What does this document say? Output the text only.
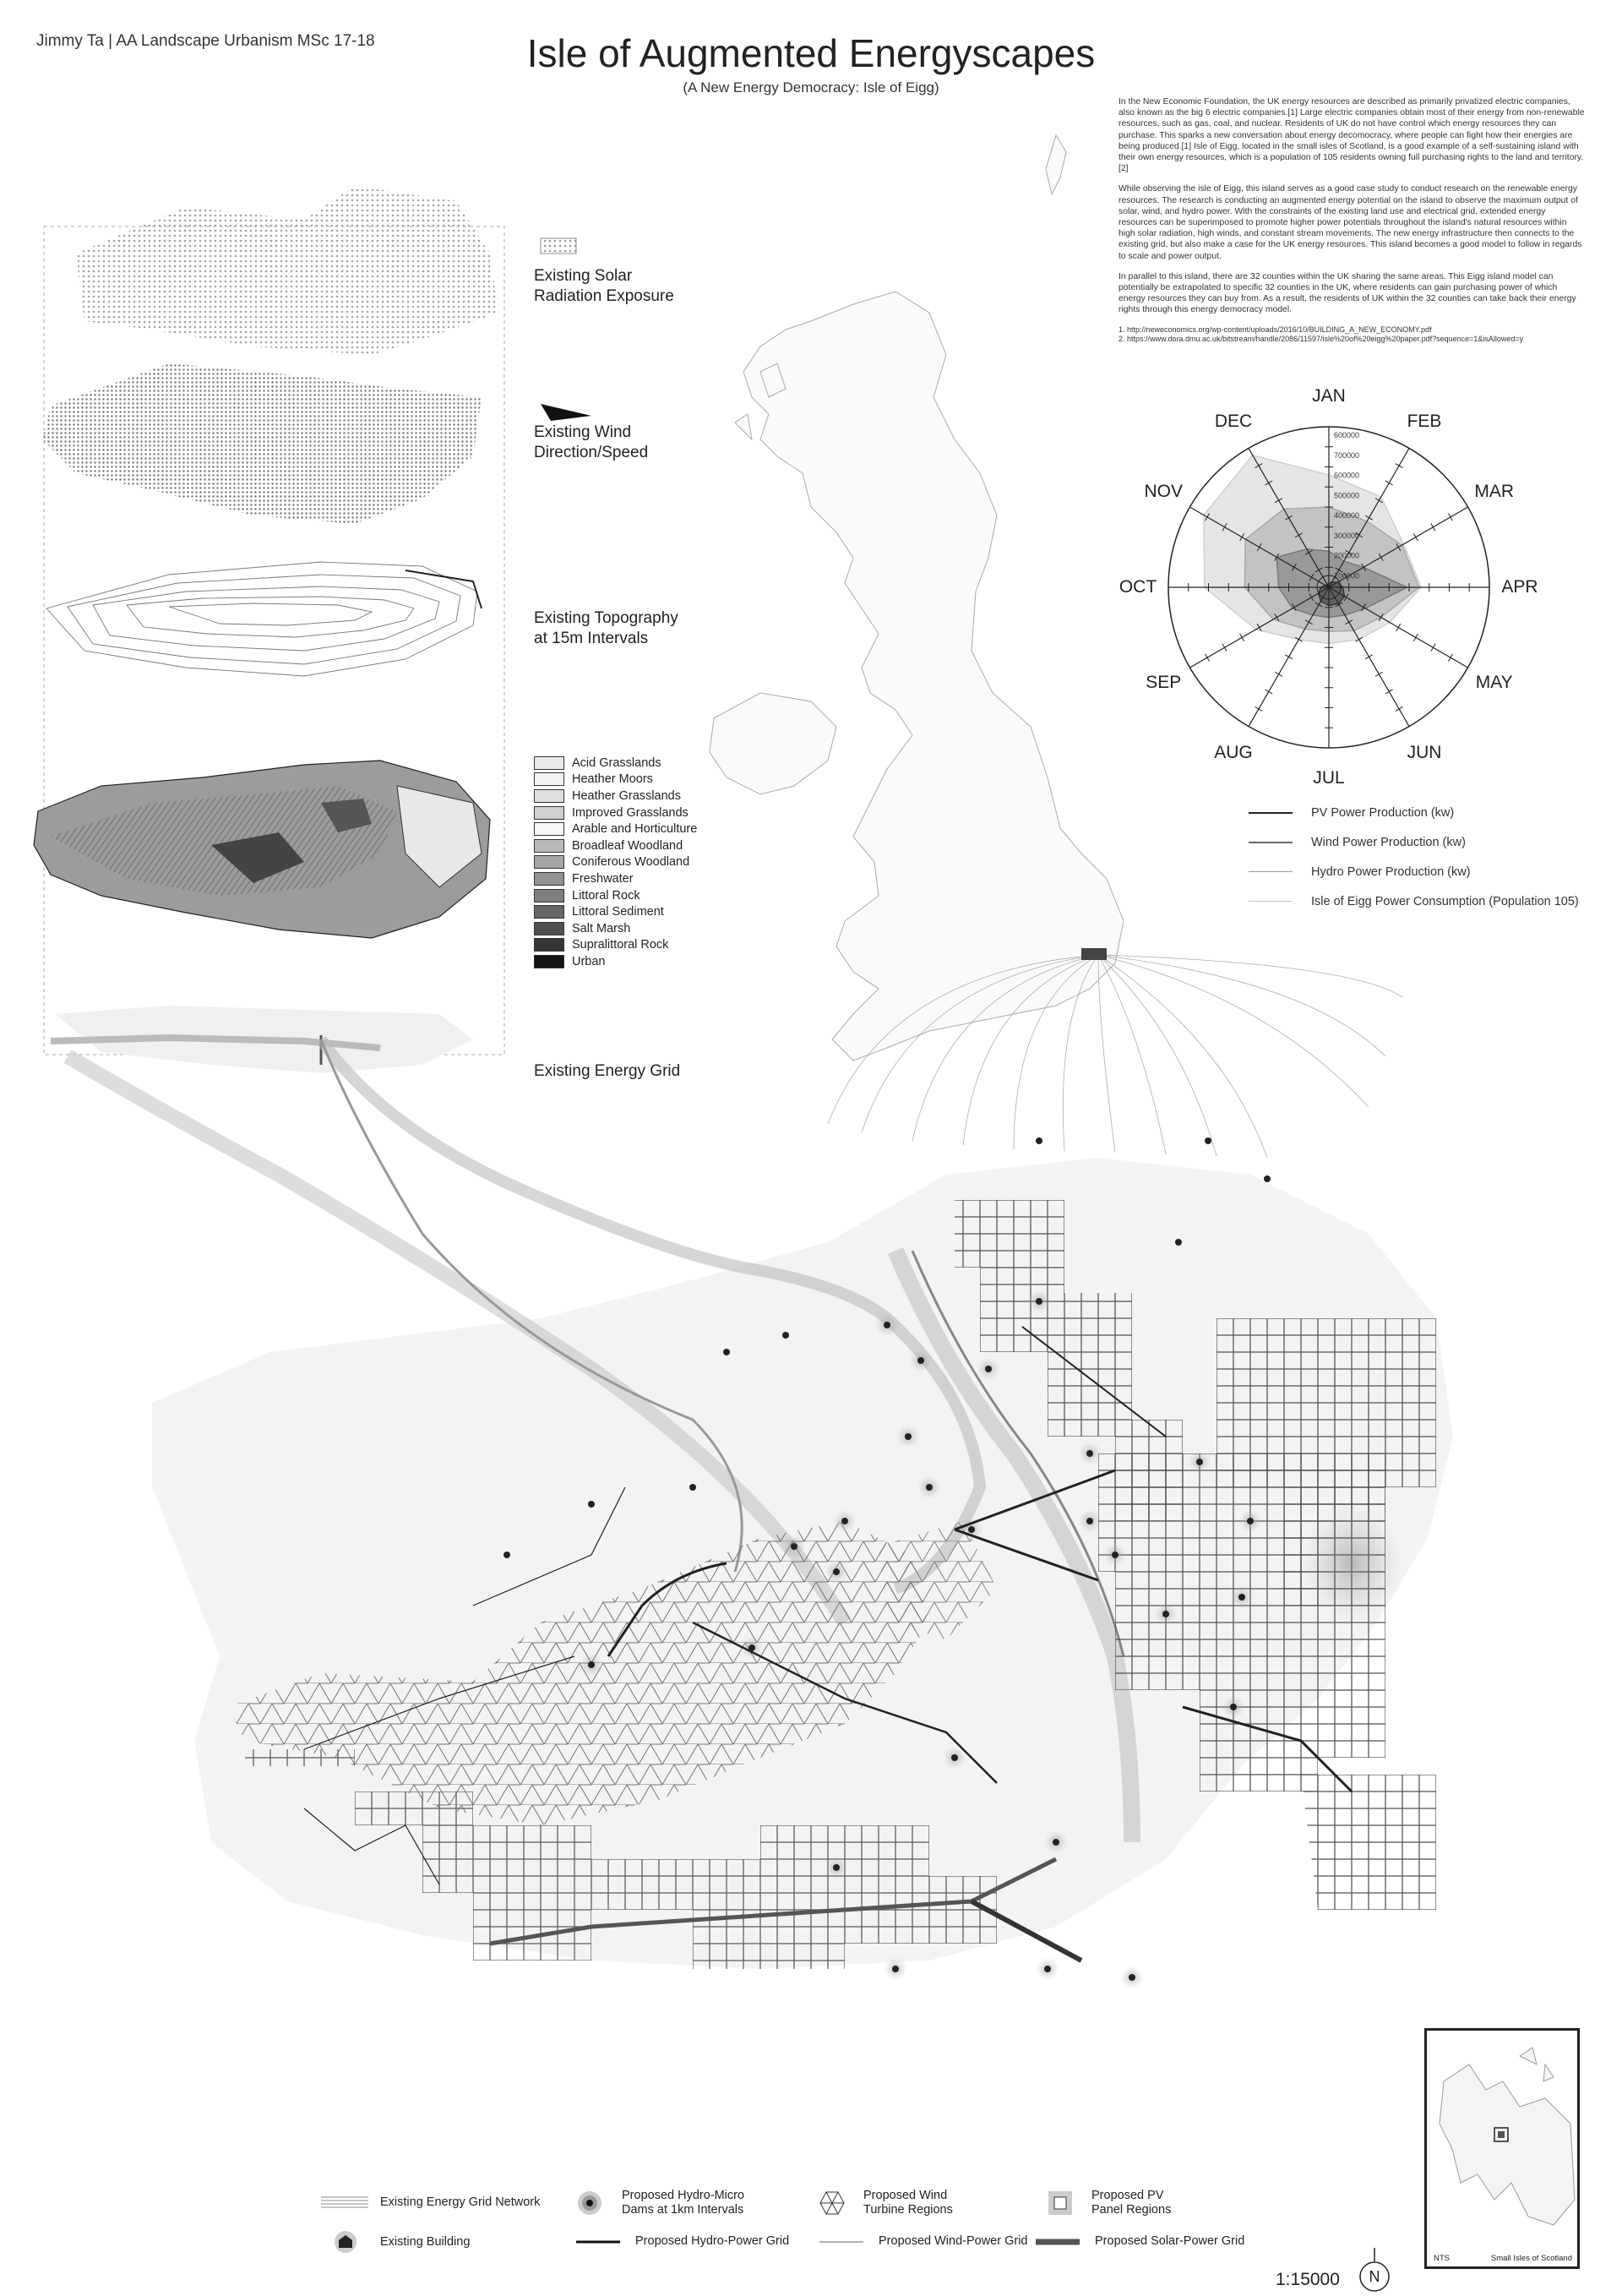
Jimmy Ta | AA Landscape Urbanism MSc 17-18	Isle of Augmented Energyscapes
(A New Energy Democracy: Isle of Eigg)

In the New Economic Foundation, the UK energy resources are described as primarily privatized electric companies, also known as the big 6 electric companies.[1] Large electric companies obtain most of their energy from non-renewable resources, such as gas, coal, and nuclear. Residents of UK do not have control which energy resources they can purchase. This sparks a new conversation about energy decomocracy, where people can fight how their energies are being produced.[1] Isle of Eigg, located in the small isles of Scotland, is a good example of a self-sustaining island with their own energy resources, which is a population of 105 residents owning full purchasing rights to the land and territory.[2]

While observing the isle of Eigg, this island serves as a good case study to conduct research on the renewable energy resources. The research is conducting an augmented energy potential on the island to observe the maximum output of solar, wind, and hydro power. With the constraints of the existing land use and electrical grid, extended energy resources can be superimposed to promote higher power potentials throughout the island's natural resources within high solar radiation, high winds, and constant stream movements. The new energy infrastructure then connects to the existing grid, but also make a case for the UK energy resources. This island becomes a good model to follow in regards to scale and power output.

In parallel to this island, there are 32 counties within the UK sharing the same areas. This Eigg island model can potentially be extrapolated to specific 32 counties in the UK, where residents can gain purchasing power of which energy resources they can buy from. As a result, the residents of UK within the 32 counties can take back their energy rights through this energy democracy model.

1. http://neweconomics.org/wp-content/uploads/2016/10/BUILDING_A_NEW_ECONOMY.pdf
2. https://www.dora.dmu.ac.uk/bitstream/handle/2086/11597/isle%20of%20eigg%20paper.pdf?sequence=1&isAllowed=y
600000
700000
600000
500000
400000
300000
200000
100000
Existing Solar
Radiation Exposure
Existing Wind
Direction/Speed
Existing Topography
at 15m Intervals
Existing Energy Grid
Acid Grasslands
Heather Moors
Heather Grasslands
Improved Grasslands
Arable and Horticulture
Broadleaf Woodland
Coniferous Woodland
Freshwater
Littoral Rock
Littoral Sediment
Salt Marsh
Supralittoral Rock
Urban
JAN
FEB
MAR
APR
MAY
JUN
JUL
AUG
SEP
OCT
NOV
DEC
PV Power Production (kw)
Wind Power Production (kw)
Hydro Power Production (kw)
Isle of Eigg Power Consumption (Population 105)
Existing Energy Grid Network
Existing Building
Proposed Hydro-Micro
Dams at 1km Intervals
Proposed Hydro-Power Grid
Proposed Wind
Turbine Regions
Proposed Wind-Power Grid
Proposed PV
Panel Regions
Proposed Solar-Power Grid
1:15000	N
NTS	Small Isles of Scotland
